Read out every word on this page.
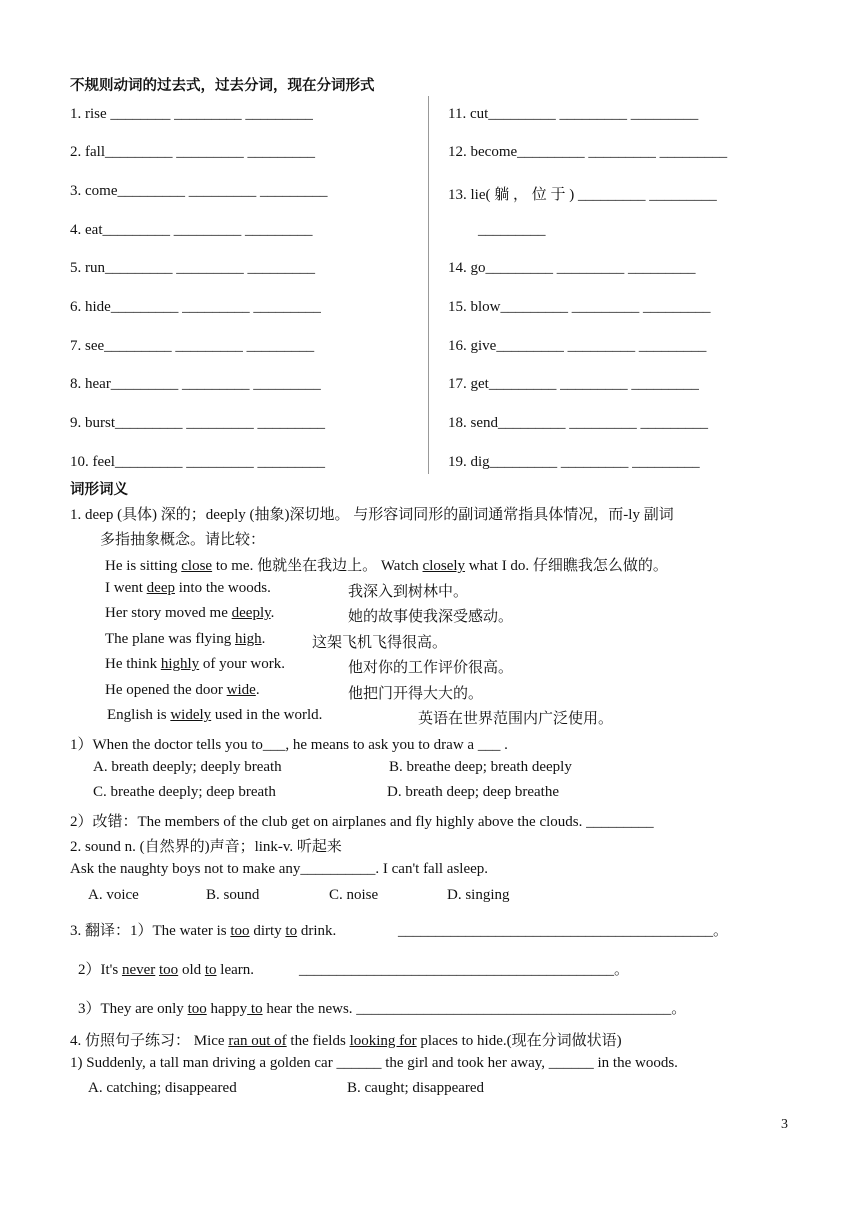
不规则动词的过去式，过去分词，现在分词形式
1. rise ________ _________ _________
2. fall_________ _________ _________
3. come_________ _________ _________
4. eat_________ _________ _________
5. run_________ _________ _________
6. hide_________ _________ _________
7. see_________ _________ _________
8. hear_________ _________ _________
9. burst_________ _________ _________
10. feel_________ _________ _________
11. cut_________ _________ _________
12. become_________ _________ _________
13. lie( 躺 ， 位 于 ) _________ _________
_________
14. go_________ _________ _________
15. blow_________ _________ _________
16. give_________ _________ _________
17. get_________ _________ _________
18. send_________ _________ _________
19. dig_________ _________ _________
词形词义
1. deep (具体) 深的；deeply (抽象)深切地。 与形容词同形的副词通常指具体情况，而-ly 副词
多指抽象概念。请比较：
He is sitting close to me. 他就坐在我边上。 Watch closely what I do. 仔细瞧我怎么做的。
I went deep into the woods.	我深入到树林中。
Her story moved me deeply.	她的故事使我深受感动。
The plane was flying high.	这架飞机飞得很高。
He think highly of your work.	他对你的工作评价很高。
He opened the door wide.	他把门开得大大的。
English is widely used in the world.	英语在世界范围内广泛使用。
1）When the doctor tells you to___, he means to ask you to draw a ___ .
A. breath deeply; deeply breath	B. breathe deep; breath deeply
C. breathe deeply; deep breath	D. breath deep; deep breathe
2）改错：The members of the club get on airplanes and fly highly above the clouds. _________
2. sound n. (自然界的)声音；link-v. 听起来
Ask the naughty boys not to make any__________. I can't fall asleep.
A. voice	B. sound	C. noise	D. singing
3. 翻译：1）The water is too dirty to drink.	__________________________________________。
2）It's never too old to learn.	__________________________________________。
3）They are only too happy to hear the news. __________________________________________。
4. 仿照句子练习： Mice ran out of the fields looking for places to hide.(现在分词做状语)
1) Suddenly, a tall man driving a golden car ______ the girl and took her away, ______ in the woods.
A. catching; disappeared	B. caught; disappeared
3
